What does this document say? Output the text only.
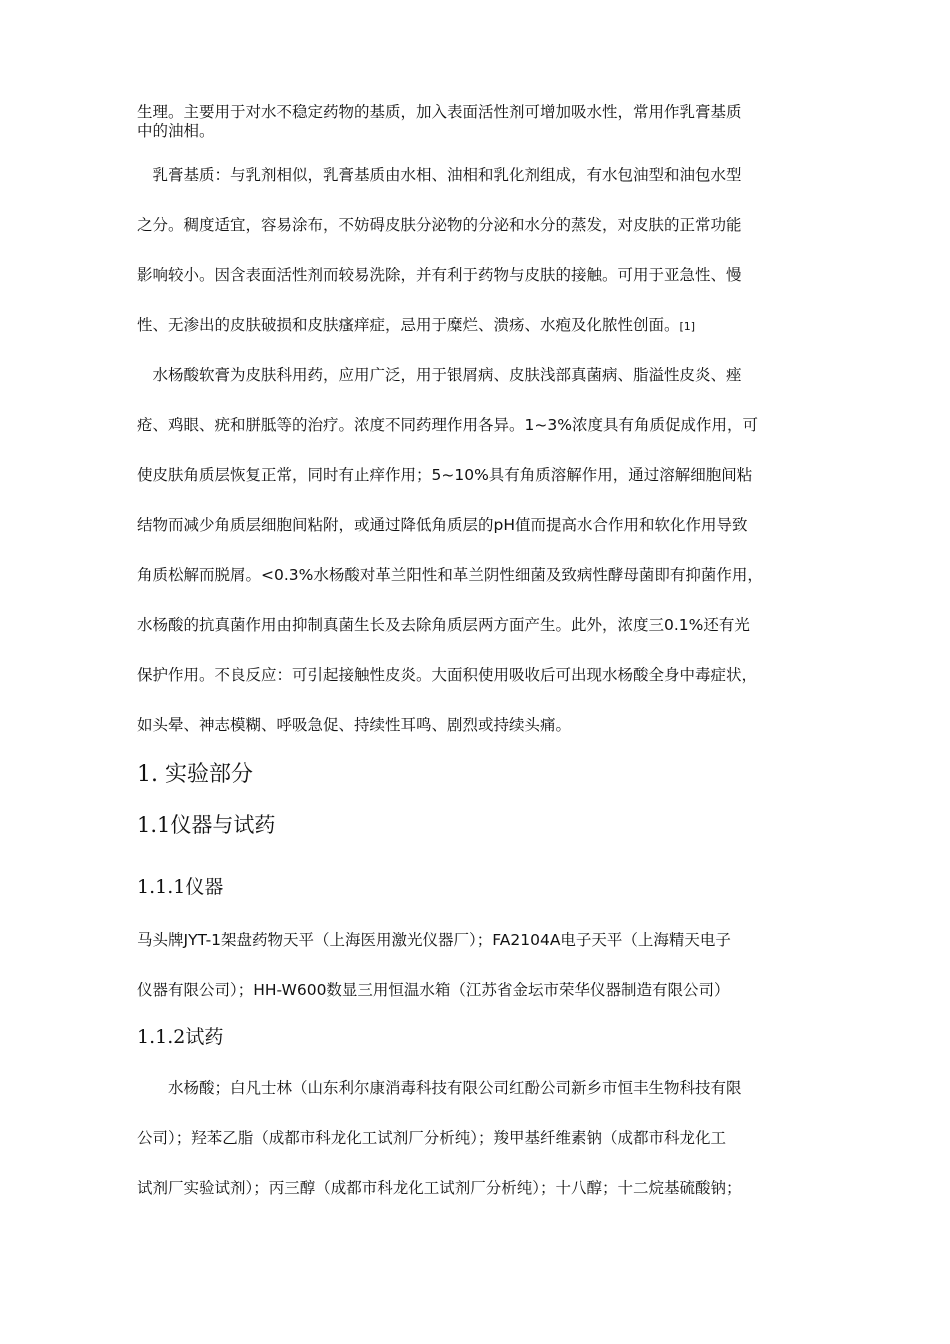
生理。主要用于对水不稳定药物的基质，加入表面活性剂可增加吸水性，常用作乳膏基质
中的油相。
　乳膏基质：与乳剂相似，乳膏基质由水相、油相和乳化剂组成，有水包油型和油包水型
之分。稠度适宜，容易涂布，不妨碍皮肤分泌物的分泌和水分的蒸发，对皮肤的正常功能
影响较小。因含表面活性剂而较易洗除，并有利于药物与皮肤的接触。可用于亚急性、慢
性、无渗出的皮肤破损和皮肤瘙痒症，忌用于糜烂、溃疡、水疱及化脓性创面。[1]
　水杨酸软膏为皮肤科用药，应用广泛，用于银屑病、皮肤浅部真菌病、脂溢性皮炎、痤
疮、鸡眼、疣和胼胝等的治疗。浓度不同药理作用各异。1~3%浓度具有角质促成作用，可
使皮肤角质层恢复正常，同时有止痒作用；5~10%具有角质溶解作用，通过溶解细胞间粘
结物而减少角质层细胞间粘附，或通过降低角质层的pH值而提高水合作用和软化作用导致
角质松解而脱屑。<0.3%水杨酸对革兰阳性和革兰阴性细菌及致病性酵母菌即有抑菌作用，
水杨酸的抗真菌作用由抑制真菌生长及去除角质层两方面产生。此外，浓度三0.1%还有光
保护作用。不良反应：可引起接触性皮炎。大面积使用吸收后可出现水杨酸全身中毒症状，
如头晕、神志模糊、呼吸急促、持续性耳鸣、剧烈或持续头痛。
1. 实验部分
1.1仪器与试药
1.1.1仪器
马头牌JYT-1架盘药物天平（上海医用激光仪器厂）；FA2104A电子天平（上海精天电子
仪器有限公司）；HH-W600数显三用恒温水箱（江苏省金坛市荣华仪器制造有限公司）
1.1.2试药
　　水杨酸；白凡士林（山东利尔康消毒科技有限公司红酚公司新乡市恒丰生物科技有限
公司）；羟苯乙脂（成都市科龙化工试剂厂分析纯）；羧甲基纤维素钠（成都市科龙化工
试剂厂实验试剂）；丙三醇（成都市科龙化工试剂厂分析纯）；十八醇；十二烷基硫酸钠；
